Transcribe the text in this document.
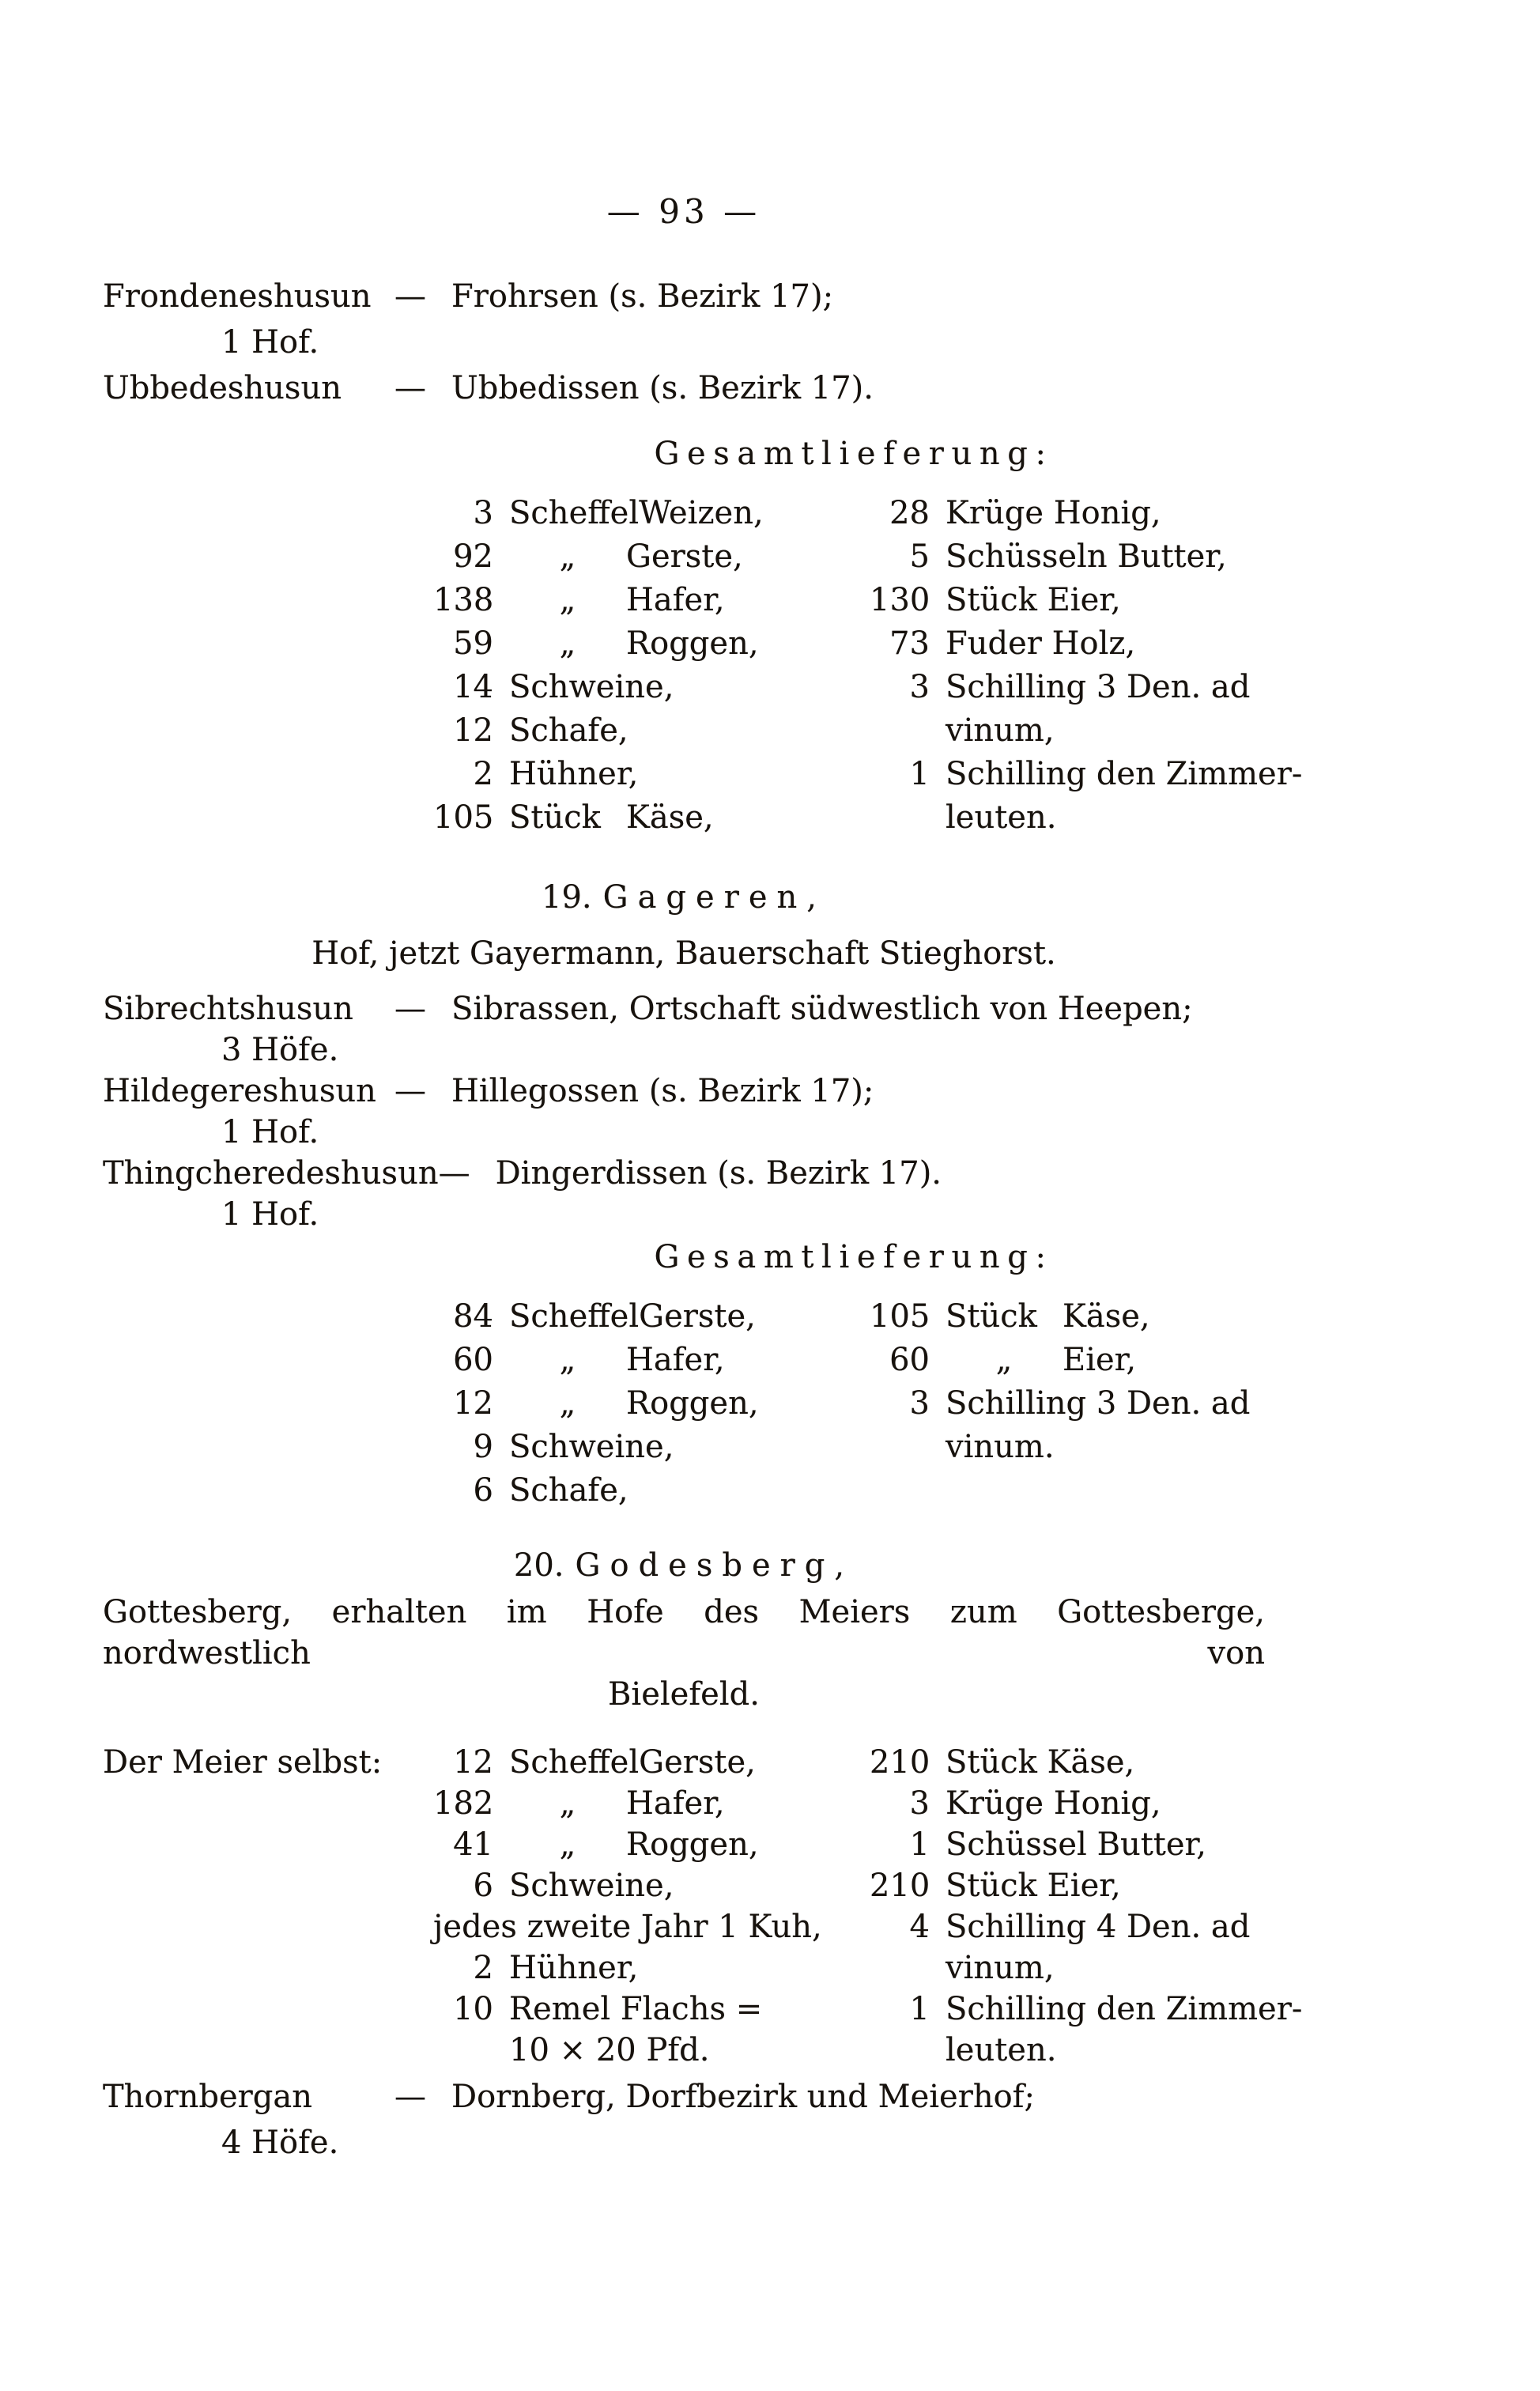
— 93 —
Frondeneshusun — Frohrsen (s. Bezirk 17);
1 Hof.
Ubbedeshusun — Ubbedissen (s. Bezirk 17).
Gesamtlieferung:
3 ScheffelWeizen,
92 „ Gerste,
138 „ Hafer,
59 „ Roggen,
14 Schweine,
12 Schafe,
2 Hühner,
105 Stück Käse,
28 Krüge Honig,
5 Schüsseln Butter,
130 Stück Eier,
73 Fuder Holz,
3 Schilling 3 Den. ad
vinum,
1 Schilling den Zimmer-
leuten.
19. Gageren,
Hof, jetzt Gayermann, Bauerschaft Stieghorst.
Sibrechtshusun — Sibrassen, Ortschaft südwestlich von Heepen;
3 Höfe.
Hildegereshusun — Hillegossen (s. Bezirk 17);
1 Hof.
Thingcheredeshusun— Dingerdissen (s. Bezirk 17).
1 Hof.
Gesamtlieferung:
84 ScheffelGerste,
60 „ Hafer,
12 „ Roggen,
9 Schweine,
6 Schafe,
105 Stück Käse,
60 „ Eier,
3 Schilling 3 Den. ad
vinum.
20. Godesberg,
Gottesberg, erhalten im Hofe des Meiers zum Gottesberge, nordwestlich von
Bielefeld.
Der Meier selbst:	12 ScheffelGerste,
182 „ Hafer,
41 „ Roggen,
6 Schweine,
jedes zweite Jahr 1 Kuh,
2 Hühner,
10 Remel Flachs =
10 × 20 Pfd.
210 Stück Käse,
3 Krüge Honig,
1 Schüssel Butter,
210 Stück Eier,
4 Schilling 4 Den. ad
vinum,
1 Schilling den Zimmer-
leuten.
Thornbergan	— Dornberg, Dorfbezirk und Meierhof;
4 Höfe.
